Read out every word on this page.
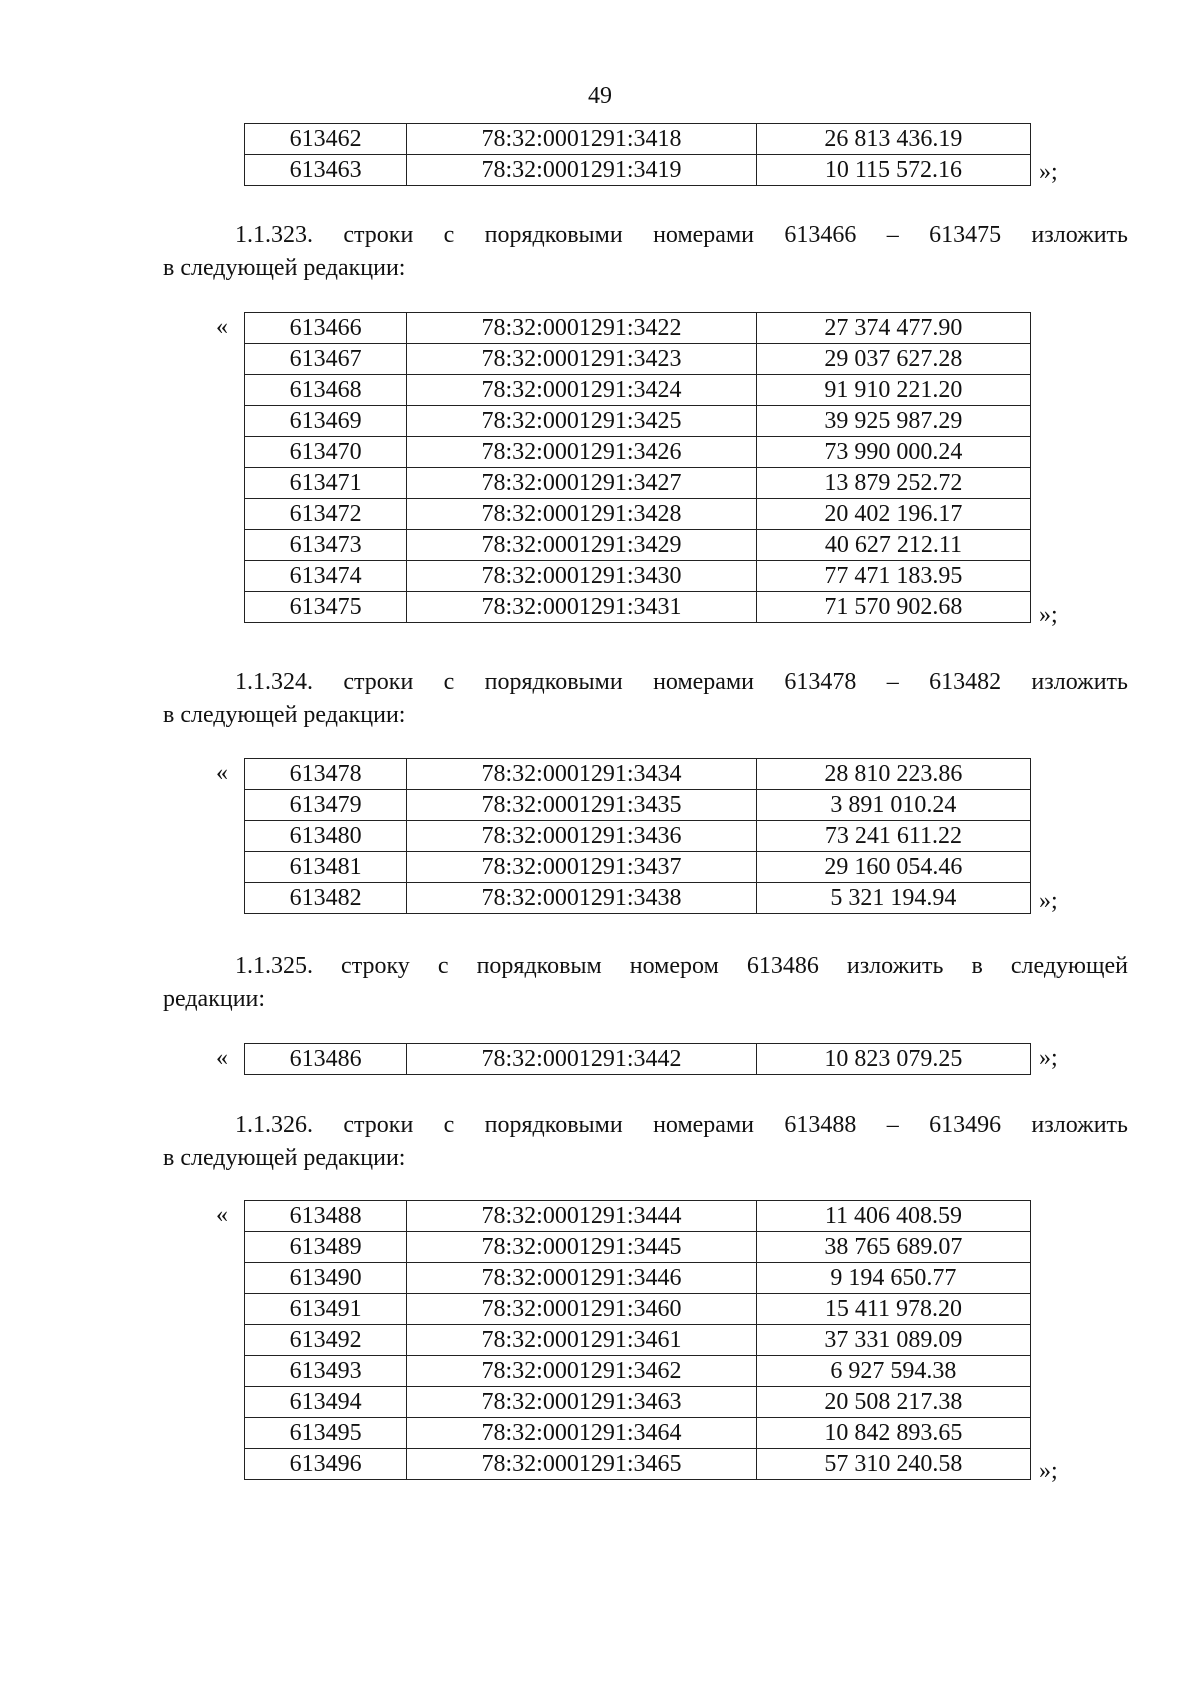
49
613462	78:32:0001291:3418	26 813 436.19
613463	78:32:0001291:3419	10 115 572.16	»;
1.1.323. строки с порядковыми номерами 613466 – 613475 изложить
в следующей редакции:
«	613466	78:32:0001291:3422	27 374 477.90
613467	78:32:0001291:3423	29 037 627.28
613468	78:32:0001291:3424	91 910 221.20
613469	78:32:0001291:3425	39 925 987.29
613470	78:32:0001291:3426	73 990 000.24
613471	78:32:0001291:3427	13 879 252.72
613472	78:32:0001291:3428	20 402 196.17
613473	78:32:0001291:3429	40 627 212.11
613474	78:32:0001291:3430	77 471 183.95
613475	78:32:0001291:3431	71 570 902.68	»;
1.1.324. строки с порядковыми номерами 613478 – 613482 изложить
в следующей редакции:
«	613478	78:32:0001291:3434	28 810 223.86
613479	78:32:0001291:3435	3 891 010.24
613480	78:32:0001291:3436	73 241 611.22
613481	78:32:0001291:3437	29 160 054.46
613482	78:32:0001291:3438	5 321 194.94	»;
1.1.325. строку с порядковым номером 613486 изложить в следующей
редакции:
«	613486	78:32:0001291:3442	10 823 079.25	»;
1.1.326. строки с порядковыми номерами 613488 – 613496 изложить
в следующей редакции:
«	613488	78:32:0001291:3444	11 406 408.59
613489	78:32:0001291:3445	38 765 689.07
613490	78:32:0001291:3446	9 194 650.77
613491	78:32:0001291:3460	15 411 978.20
613492	78:32:0001291:3461	37 331 089.09
613493	78:32:0001291:3462	6 927 594.38
613494	78:32:0001291:3463	20 508 217.38
613495	78:32:0001291:3464	10 842 893.65
613496	78:32:0001291:3465	57 310 240.58	»;
